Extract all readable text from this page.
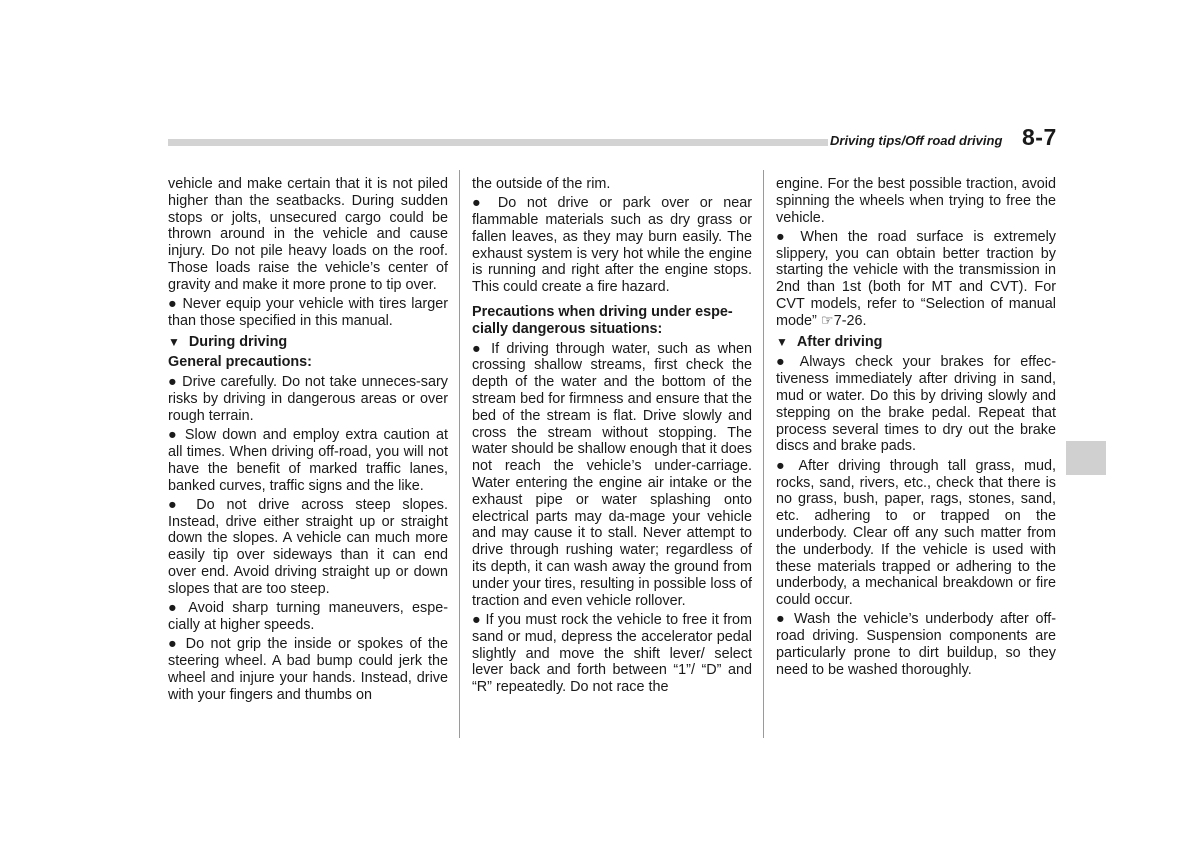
Driving tips/Off road driving 8-7

vehicle and make certain that it is not piled higher than the seatbacks. During sudden stops or jolts, unsecured cargo could be thrown around in the vehicle and cause injury. Do not pile heavy loads on the roof. Those loads raise the vehicle’s center of gravity and make it more prone to tip over.

● Never equip your vehicle with tires larger than those specified in this manual.

▼ During driving
General precautions:

● Drive carefully. Do not take unneces-sary risks by driving in dangerous areas or over rough terrain.

● Slow down and employ extra caution at all times. When driving off-road, you will not have the benefit of marked traffic lanes, banked curves, traffic signs and the like.

● Do not drive across steep slopes. Instead, drive either straight up or straight down the slopes. A vehicle can much more easily tip over sideways than it can end over end. Avoid driving straight up or down slopes that are too steep.

● Avoid sharp turning maneuvers, espe-cially at higher speeds.

● Do not grip the inside or spokes of the steering wheel. A bad bump could jerk the wheel and injure your hands. Instead, drive with your fingers and thumbs on

the outside of the rim.

● Do not drive or park over or near flammable materials such as dry grass or fallen leaves, as they may burn easily. The exhaust system is very hot while the engine is running and right after the engine stops. This could create a fire hazard.

Precautions when driving under espe-cially dangerous situations:

● If driving through water, such as when crossing shallow streams, first check the depth of the water and the bottom of the stream bed for firmness and ensure that the bed of the stream is flat. Drive slowly and cross the stream without stopping. The water should be shallow enough that it does not reach the vehicle’s under-carriage. Water entering the engine air intake or the exhaust pipe or water splashing onto electrical parts may da-mage your vehicle and may cause it to stall. Never attempt to drive through rushing water; regardless of its depth, it can wash away the ground from under your tires, resulting in possible loss of traction and even vehicle rollover.

● If you must rock the vehicle to free it from sand or mud, depress the accelerator pedal slightly and move the shift lever/ select lever back and forth between “1”/ “D” and “R” repeatedly. Do not race the

engine. For the best possible traction, avoid spinning the wheels when trying to free the vehicle.

● When the road surface is extremely slippery, you can obtain better traction by starting the vehicle with the transmission in 2nd than 1st (both for MT and CVT). For CVT models, refer to “Selection of manual mode” ☞7-26.

▼ After driving

● Always check your brakes for effec-tiveness immediately after driving in sand, mud or water. Do this by driving slowly and stepping on the brake pedal. Repeat that process several times to dry out the brake discs and brake pads.

● After driving through tall grass, mud, rocks, sand, rivers, etc., check that there is no grass, bush, paper, rags, stones, sand, etc. adhering to or trapped on the underbody. Clear off any such matter from the underbody. If the vehicle is used with these materials trapped or adhering to the underbody, a mechanical breakdown or fire could occur.

● Wash the vehicle’s underbody after off-road driving. Suspension components are particularly prone to dirt buildup, so they need to be washed thoroughly.
